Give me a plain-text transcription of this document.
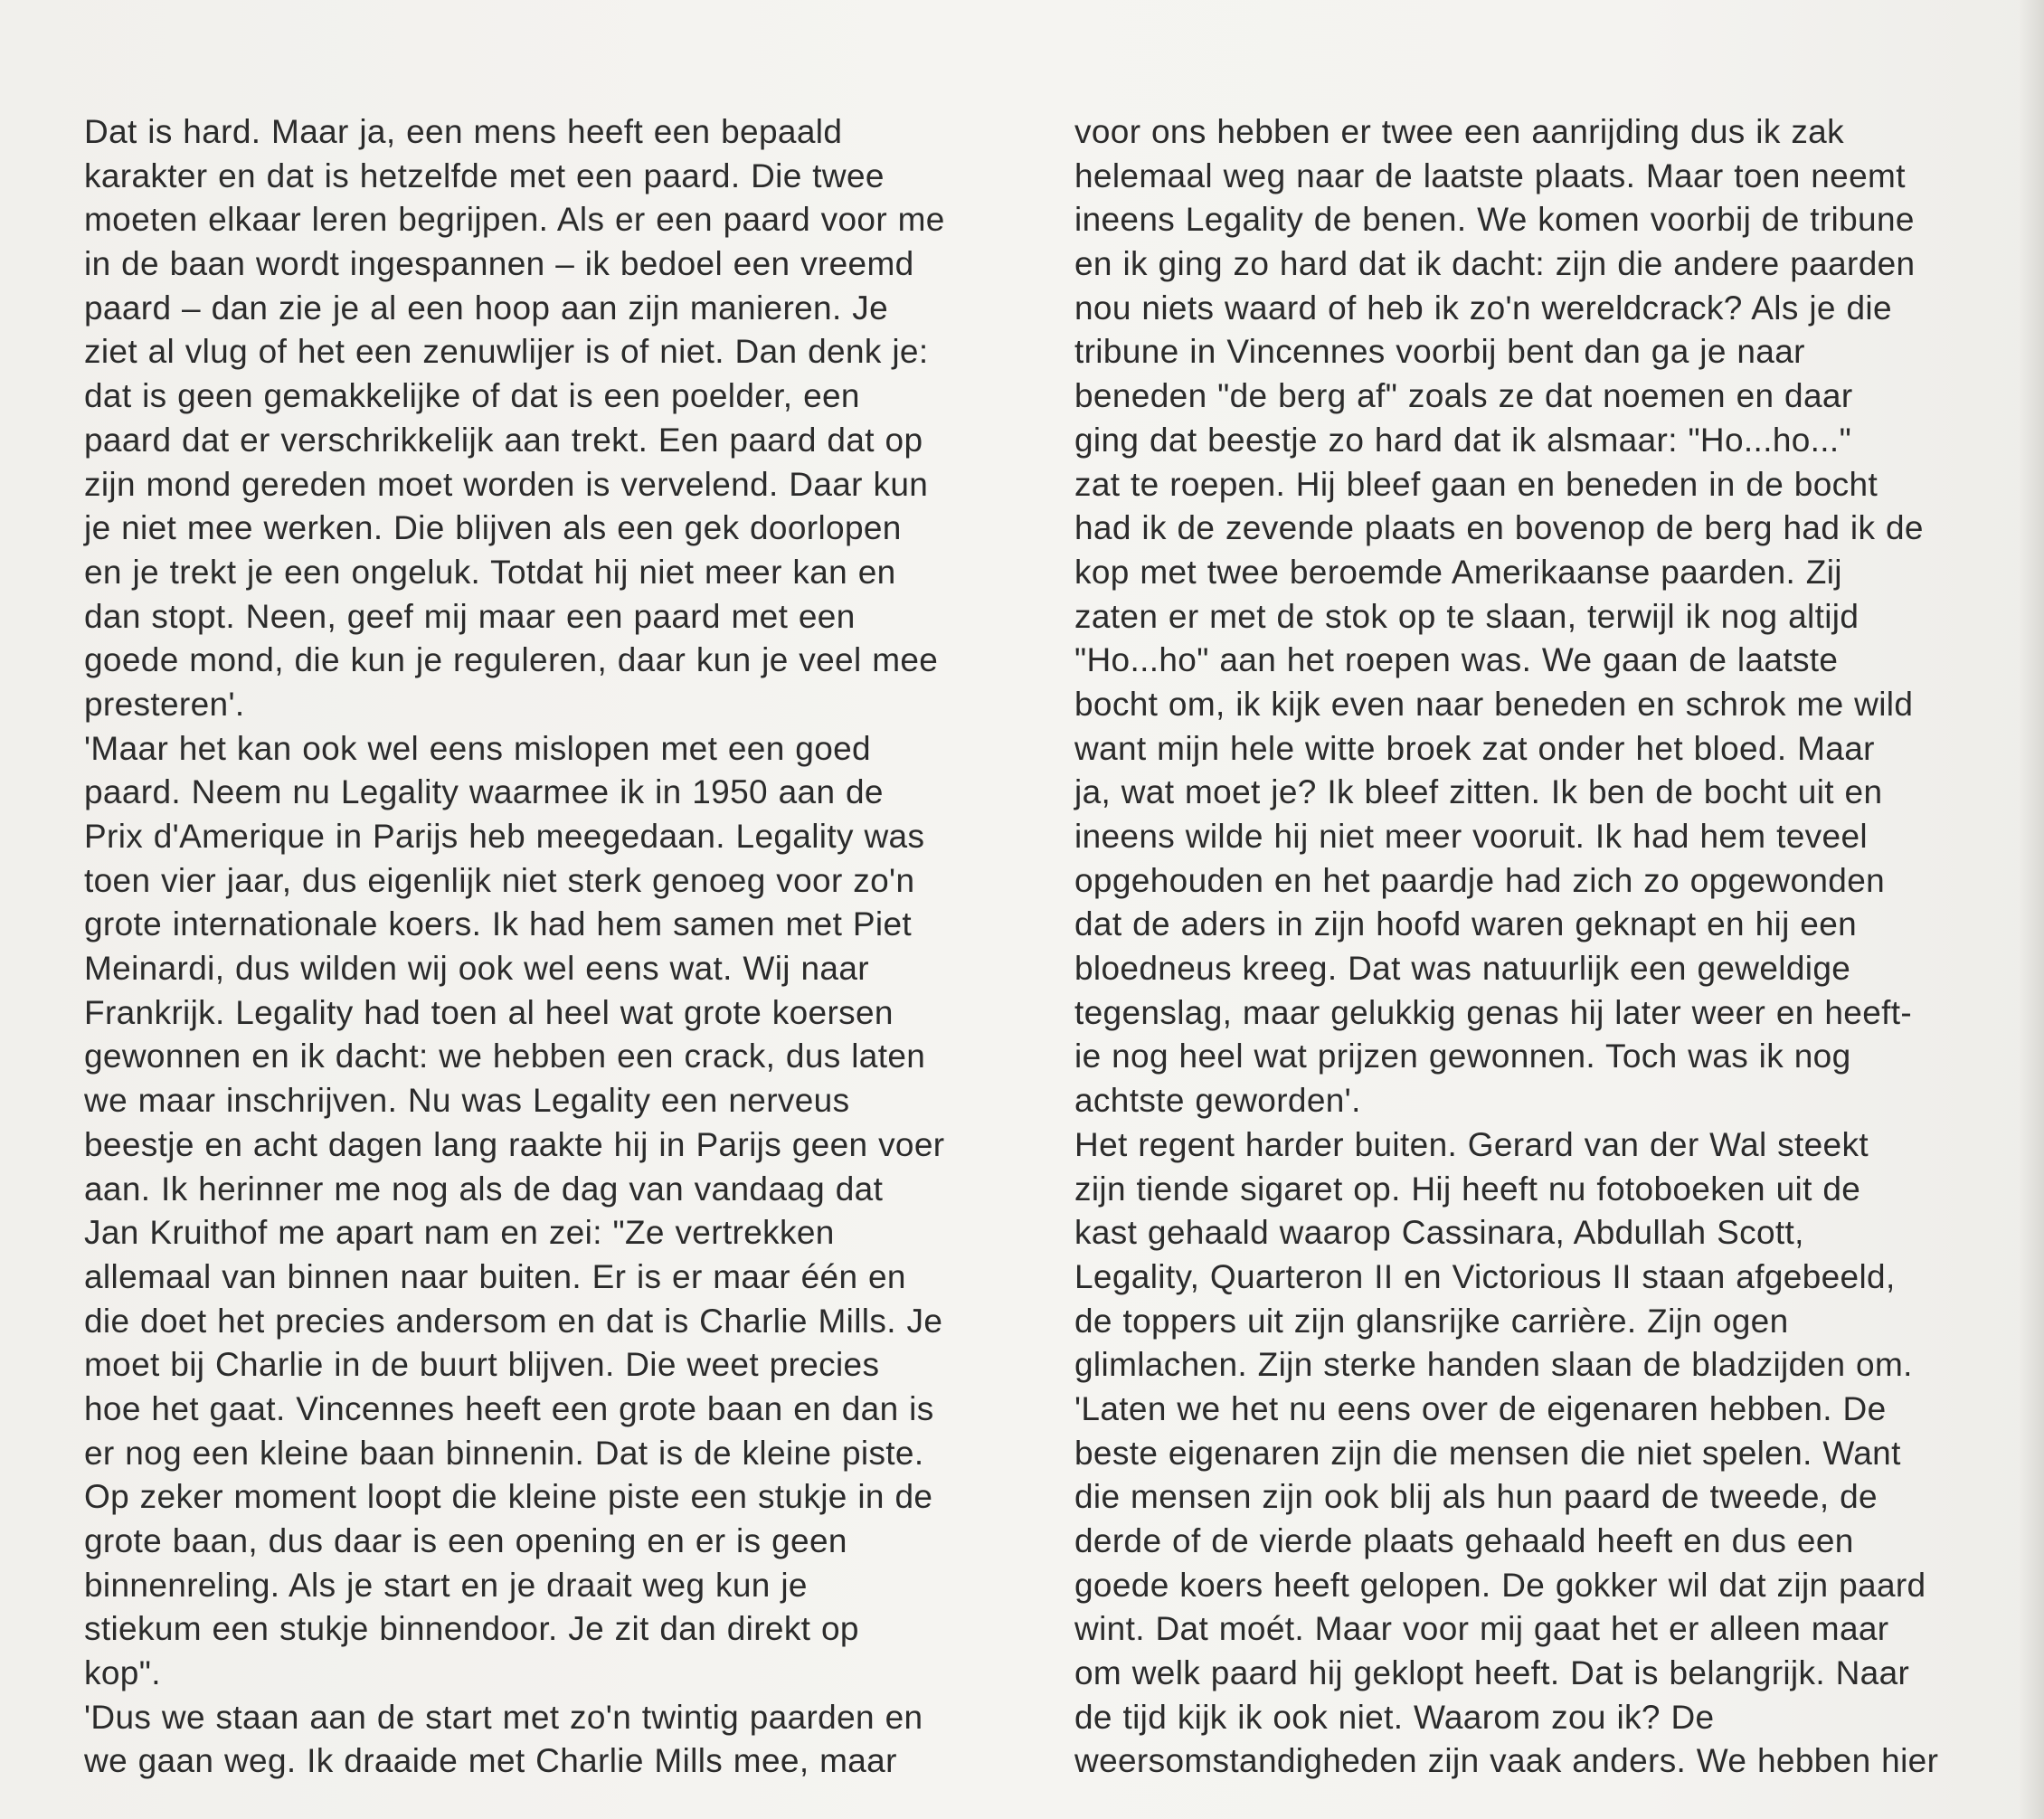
Dat is hard. Maar ja, een mens heeft een bepaald
karakter en dat is hetzelfde met een paard. Die twee
moeten elkaar leren begrijpen. Als er een paard voor me
in de baan wordt ingespannen – ik bedoel een vreemd
paard – dan zie je al een hoop aan zijn manieren. Je
ziet al vlug of het een zenuwlijer is of niet. Dan denk je:
dat is geen gemakkelijke of dat is een poelder, een
paard dat er verschrikkelijk aan trekt. Een paard dat op
zijn mond gereden moet worden is vervelend. Daar kun
je niet mee werken. Die blijven als een gek doorlopen
en je trekt je een ongeluk. Totdat hij niet meer kan en
dan stopt. Neen, geef mij maar een paard met een
goede mond, die kun je reguleren, daar kun je veel mee
presteren'.
'Maar het kan ook wel eens mislopen met een goed
paard. Neem nu Legality waarmee ik in 1950 aan de
Prix d'Amerique in Parijs heb meegedaan. Legality was
toen vier jaar, dus eigenlijk niet sterk genoeg voor zo'n
grote internationale koers. Ik had hem samen met Piet
Meinardi, dus wilden wij ook wel eens wat. Wij naar
Frankrijk. Legality had toen al heel wat grote koersen
gewonnen en ik dacht: we hebben een crack, dus laten
we maar inschrijven. Nu was Legality een nerveus
beestje en acht dagen lang raakte hij in Parijs geen voer
aan. Ik herinner me nog als de dag van vandaag dat
Jan Kruithof me apart nam en zei: "Ze vertrekken
allemaal van binnen naar buiten. Er is er maar één en
die doet het precies andersom en dat is Charlie Mills. Je
moet bij Charlie in de buurt blijven. Die weet precies
hoe het gaat. Vincennes heeft een grote baan en dan is
er nog een kleine baan binnenin. Dat is de kleine piste.
Op zeker moment loopt die kleine piste een stukje in de
grote baan, dus daar is een opening en er is geen
binnenreling. Als je start en je draait weg kun je
stiekum een stukje binnendoor. Je zit dan direkt op
kop".
'Dus we staan aan de start met zo'n twintig paarden en
we gaan weg. Ik draaide met Charlie Mills mee, maar
voor ons hebben er twee een aanrijding dus ik zak
helemaal weg naar de laatste plaats. Maar toen neemt
ineens Legality de benen. We komen voorbij de tribune
en ik ging zo hard dat ik dacht: zijn die andere paarden
nou niets waard of heb ik zo'n wereldcrack? Als je die
tribune in Vincennes voorbij bent dan ga je naar
beneden "de berg af" zoals ze dat noemen en daar
ging dat beestje zo hard dat ik alsmaar: "Ho...ho..."
zat te roepen. Hij bleef gaan en beneden in de bocht
had ik de zevende plaats en bovenop de berg had ik de
kop met twee beroemde Amerikaanse paarden. Zij
zaten er met de stok op te slaan, terwijl ik nog altijd
"Ho...ho" aan het roepen was. We gaan de laatste
bocht om, ik kijk even naar beneden en schrok me wild
want mijn hele witte broek zat onder het bloed. Maar
ja, wat moet je? Ik bleef zitten. Ik ben de bocht uit en
ineens wilde hij niet meer vooruit. Ik had hem teveel
opgehouden en het paardje had zich zo opgewonden
dat de aders in zijn hoofd waren geknapt en hij een
bloedneus kreeg. Dat was natuurlijk een geweldige
tegenslag, maar gelukkig genas hij later weer en heeft-
ie nog heel wat prijzen gewonnen. Toch was ik nog
achtste geworden'.
Het regent harder buiten. Gerard van der Wal steekt
zijn tiende sigaret op. Hij heeft nu fotoboeken uit de
kast gehaald waarop Cassinara, Abdullah Scott,
Legality, Quarteron II en Victorious II staan afgebeeld,
de toppers uit zijn glansrijke carrière. Zijn ogen
glimlachen. Zijn sterke handen slaan de bladzijden om.
'Laten we het nu eens over de eigenaren hebben. De
beste eigenaren zijn die mensen die niet spelen. Want
die mensen zijn ook blij als hun paard de tweede, de
derde of de vierde plaats gehaald heeft en dus een
goede koers heeft gelopen. De gokker wil dat zijn paard
wint. Dat moét. Maar voor mij gaat het er alleen maar
om welk paard hij geklopt heeft. Dat is belangrijk. Naar
de tijd kijk ik ook niet. Waarom zou ik? De
weersomstandigheden zijn vaak anders. We hebben hier
